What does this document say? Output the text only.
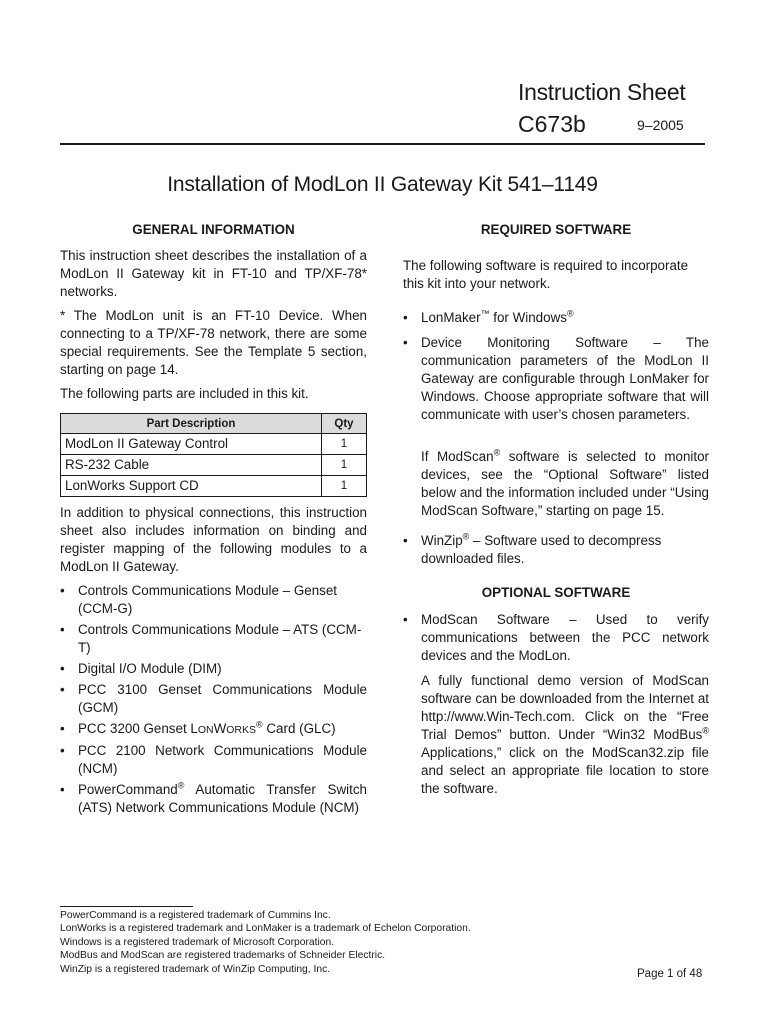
Instruction Sheet
C673b	9–2005
Installation of ModLon II Gateway Kit 541–1149
GENERAL INFORMATION

This instruction sheet describes the installation of a ModLon II Gateway kit in FT-10 and TP/XF-78* networks.

* The ModLon unit is an FT-10 Device. When connecting to a TP/XF-78 network, there are some special requirements. See the Template 5 section, starting on page 14.

The following parts are included in this kit.

Part Description	Qty
ModLon II Gateway Control	1
RS-232 Cable	1
LonWorks Support CD	1

In addition to physical connections, this instruction sheet also includes information on binding and register mapping of the following modules to a ModLon II Gateway.

• Controls Communications Module – Genset (CCM-G)
• Controls Communications Module – ATS (CCM-T)
• Digital I/O Module (DIM)
• PCC 3100 Genset Communications Module (GCM)
• PCC 3200 Genset LONWORKS® Card (GLC)
• PCC 2100 Network Communications Module (NCM)
• PowerCommand® Automatic Transfer Switch (ATS) Network Communications Module (NCM)
REQUIRED SOFTWARE

The following software is required to incorporate this kit into your network.

• LonMaker™ for Windows®
• Device Monitoring Software – The communication parameters of the ModLon II Gateway are configurable through LonMaker for Windows. Choose appropriate software that will communicate with user’s chosen parameters.
If ModScan® software is selected to monitor devices, see the “Optional Software” listed below and the information included under “Using ModScan Software,” starting on page 15.
• WinZip® – Software used to decompress downloaded files.
OPTIONAL SOFTWARE
• ModScan Software – Used to verify communications between the PCC network devices and the ModLon.
A fully functional demo version of ModScan software can be downloaded from the Internet at http://www.Win-Tech.com. Click on the “Free Trial Demos” button. Under “Win32 ModBus® Applications,” click on the ModScan32.zip file and select an appropriate file location to store the software.
PowerCommand is a registered trademark of Cummins Inc.
LonWorks is a registered trademark and LonMaker is a trademark of Echelon Corporation.
Windows is a registered trademark of Microsoft Corporation.
ModBus and ModScan are registered trademarks of Schneider Electric.
WinZip is a registered trademark of WinZip Computing, Inc.	Page 1 of 48
